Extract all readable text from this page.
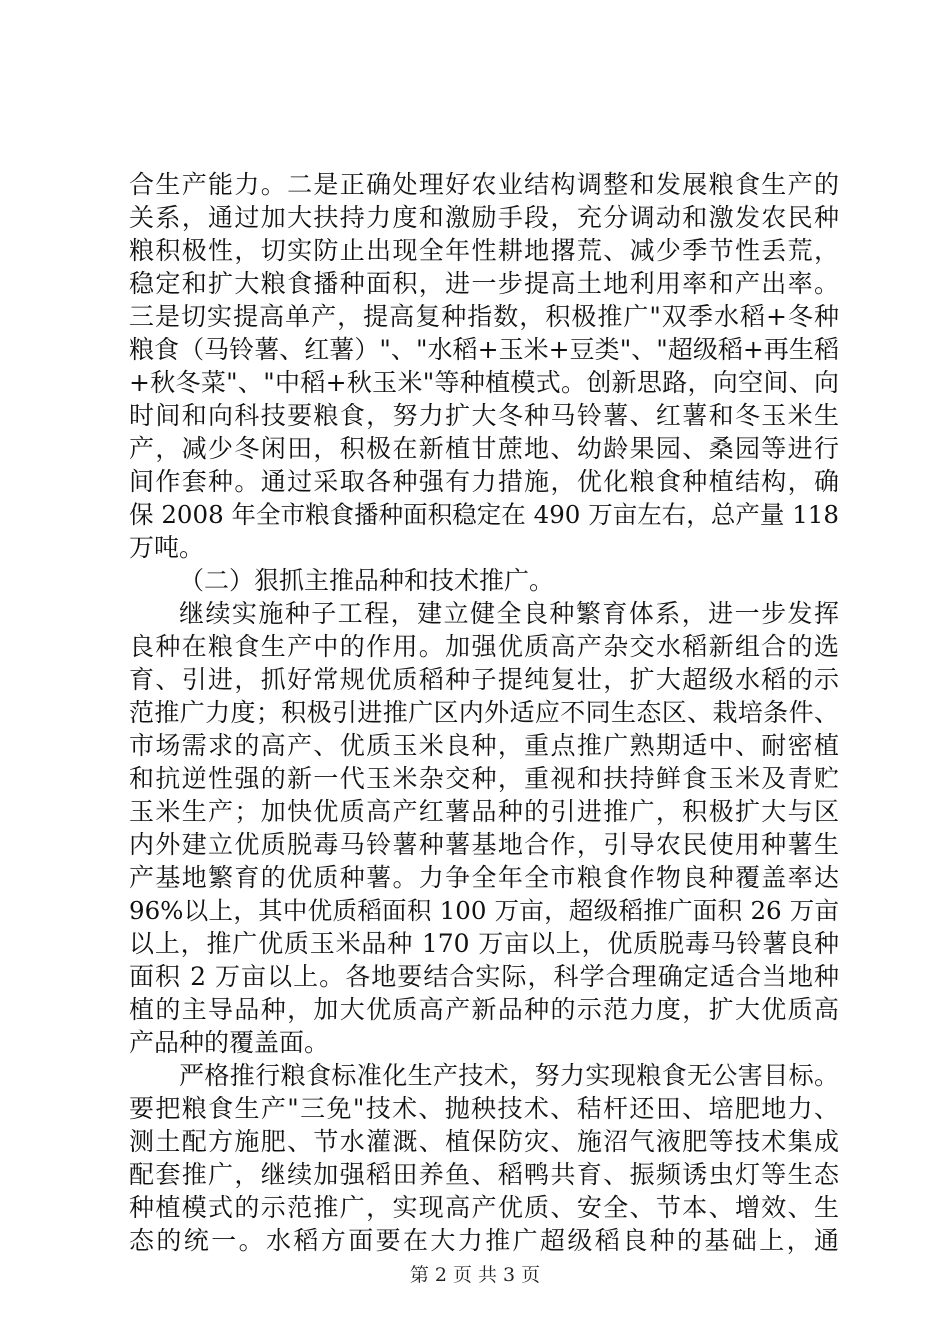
合生产能力。二是正确处理好农业结构调整和发展粮食生产的
关系，通过加大扶持力度和激励手段，充分调动和激发农民种
粮积极性，切实防止出现全年性耕地撂荒、减少季节性丢荒，
稳定和扩大粮食播种面积，进一步提高土地利用率和产出率。
三是切实提高单产，提高复种指数，积极推广"双季水稻+冬种
粮食（马铃薯、红薯）"、"水稻+玉米+豆类"、"超级稻+再生稻
+秋冬菜"、"中稻+秋玉米"等种植模式。创新思路，向空间、向
时间和向科技要粮食，努力扩大冬种马铃薯、红薯和冬玉米生
产，减少冬闲田，积极在新植甘蔗地、幼龄果园、桑园等进行
间作套种。通过采取各种强有力措施，优化粮食种植结构，确
保 2008 年全市粮食播种面积稳定在 490 万亩左右，总产量 118
万吨。
（二）狠抓主推品种和技术推广。
继续实施种子工程，建立健全良种繁育体系，进一步发挥
良种在粮食生产中的作用。加强优质高产杂交水稻新组合的选
育、引进，抓好常规优质稻种子提纯复壮，扩大超级水稻的示
范推广力度；积极引进推广区内外适应不同生态区、栽培条件、
市场需求的高产、优质玉米良种，重点推广熟期适中、耐密植
和抗逆性强的新一代玉米杂交种，重视和扶持鲜食玉米及青贮
玉米生产；加快优质高产红薯品种的引进推广，积极扩大与区
内外建立优质脱毒马铃薯种薯基地合作，引导农民使用种薯生
产基地繁育的优质种薯。力争全年全市粮食作物良种覆盖率达
96%以上，其中优质稻面积 100 万亩，超级稻推广面积 26 万亩
以上，推广优质玉米品种 170 万亩以上，优质脱毒马铃薯良种
面积 2 万亩以上。各地要结合实际，科学合理确定适合当地种
植的主导品种，加大优质高产新品种的示范力度，扩大优质高
产品种的覆盖面。
严格推行粮食标准化生产技术，努力实现粮食无公害目标。
要把粮食生产"三免"技术、抛秧技术、秸杆还田、培肥地力、
测土配方施肥、节水灌溉、植保防灾、施沼气液肥等技术集成
配套推广，继续加强稻田养鱼、稻鸭共育、振频诱虫灯等生态
种植模式的示范推广，实现高产优质、安全、节本、增效、生
态的统一。水稻方面要在大力推广超级稻良种的基础上，通
第 2 页 共 3 页
